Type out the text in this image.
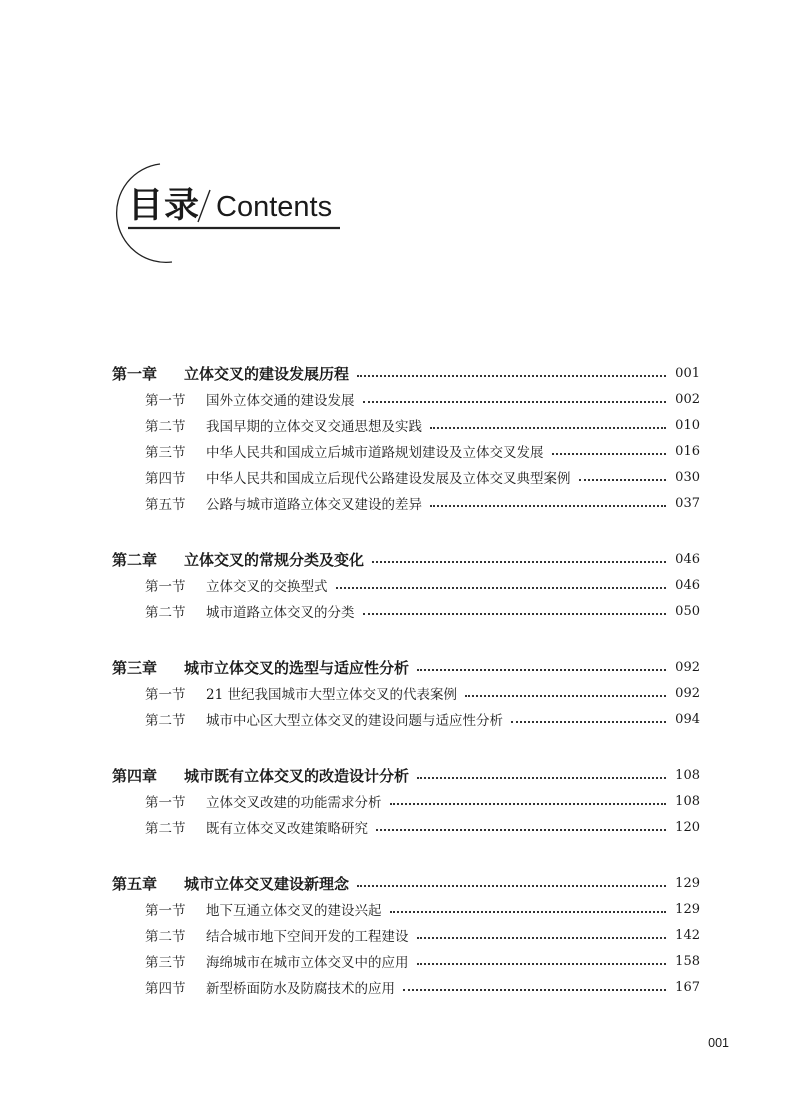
目录 Contents
第一章	立体交叉的建设发展历程	001
第一节	国外立体交通的建设发展	002
第二节	我国早期的立体交叉交通思想及实践	010
第三节	中华人民共和国成立后城市道路规划建设及立体交叉发展	016
第四节	中华人民共和国成立后现代公路建设发展及立体交叉典型案例	030
第五节	公路与城市道路立体交叉建设的差异	037
第二章	立体交叉的常规分类及变化	046
第一节	立体交叉的交换型式	046
第二节	城市道路立体交叉的分类	050
第三章	城市立体交叉的选型与适应性分析	092
第一节	21 世纪我国城市大型立体交叉的代表案例	092
第二节	城市中心区大型立体交叉的建设问题与适应性分析	094
第四章	城市既有立体交叉的改造设计分析	108
第一节	立体交叉改建的功能需求分析	108
第二节	既有立体交叉改建策略研究	120
第五章	城市立体交叉建设新理念	129
第一节	地下互通立体交叉的建设兴起	129
第二节	结合城市地下空间开发的工程建设	142
第三节	海绵城市在城市立体交叉中的应用	158
第四节	新型桥面防水及防腐技术的应用	167
001
